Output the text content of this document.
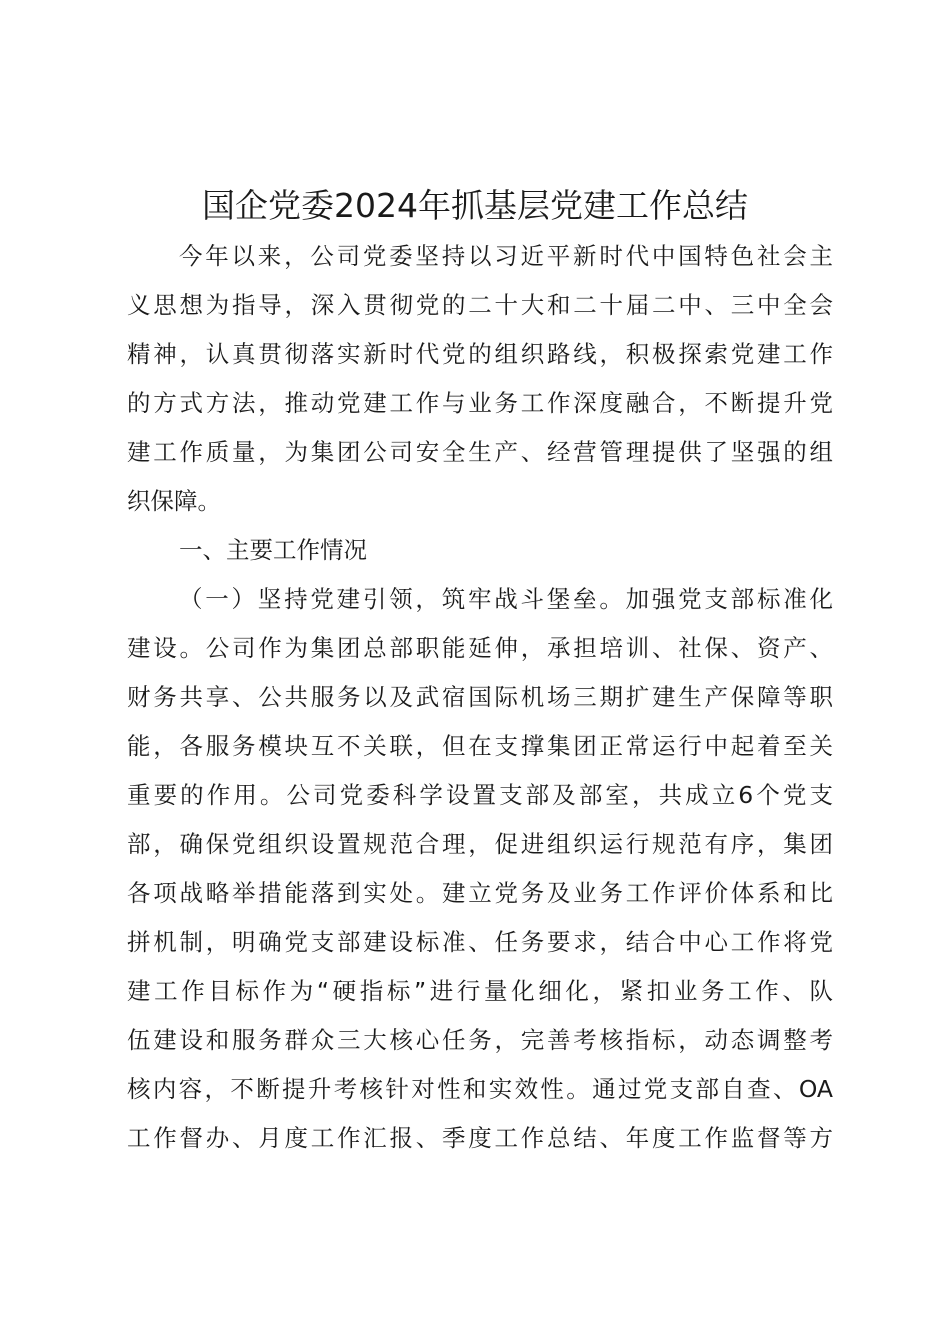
国企党委2024年抓基层党建工作总结
今年以来，公司党委坚持以习近平新时代中国特色社会主
义思想为指导，深入贯彻党的二十大和二十届二中、三中全会
精神，认真贯彻落实新时代党的组织路线，积极探索党建工作
的方式方法，推动党建工作与业务工作深度融合，不断提升党
建工作质量，为集团公司安全生产、经营管理提供了坚强的组
织保障。
一、主要工作情况
（一）坚持党建引领，筑牢战斗堡垒。加强党支部标准化
建设。公司作为集团总部职能延伸，承担培训、社保、资产、
财务共享、公共服务以及武宿国际机场三期扩建生产保障等职
能，各服务模块互不关联，但在支撑集团正常运行中起着至关
重要的作用。公司党委科学设置支部及部室，共成立6个党支
部，确保党组织设置规范合理，促进组织运行规范有序，集团
各项战略举措能落到实处。建立党务及业务工作评价体系和比
拼机制，明确党支部建设标准、任务要求，结合中心工作将党
建工作目标作为“硬指标”进行量化细化，紧扣业务工作、队
伍建设和服务群众三大核心任务，完善考核指标，动态调整考
核内容，不断提升考核针对性和实效性。通过党支部自查、OA
工作督办、月度工作汇报、季度工作总结、年度工作监督等方
